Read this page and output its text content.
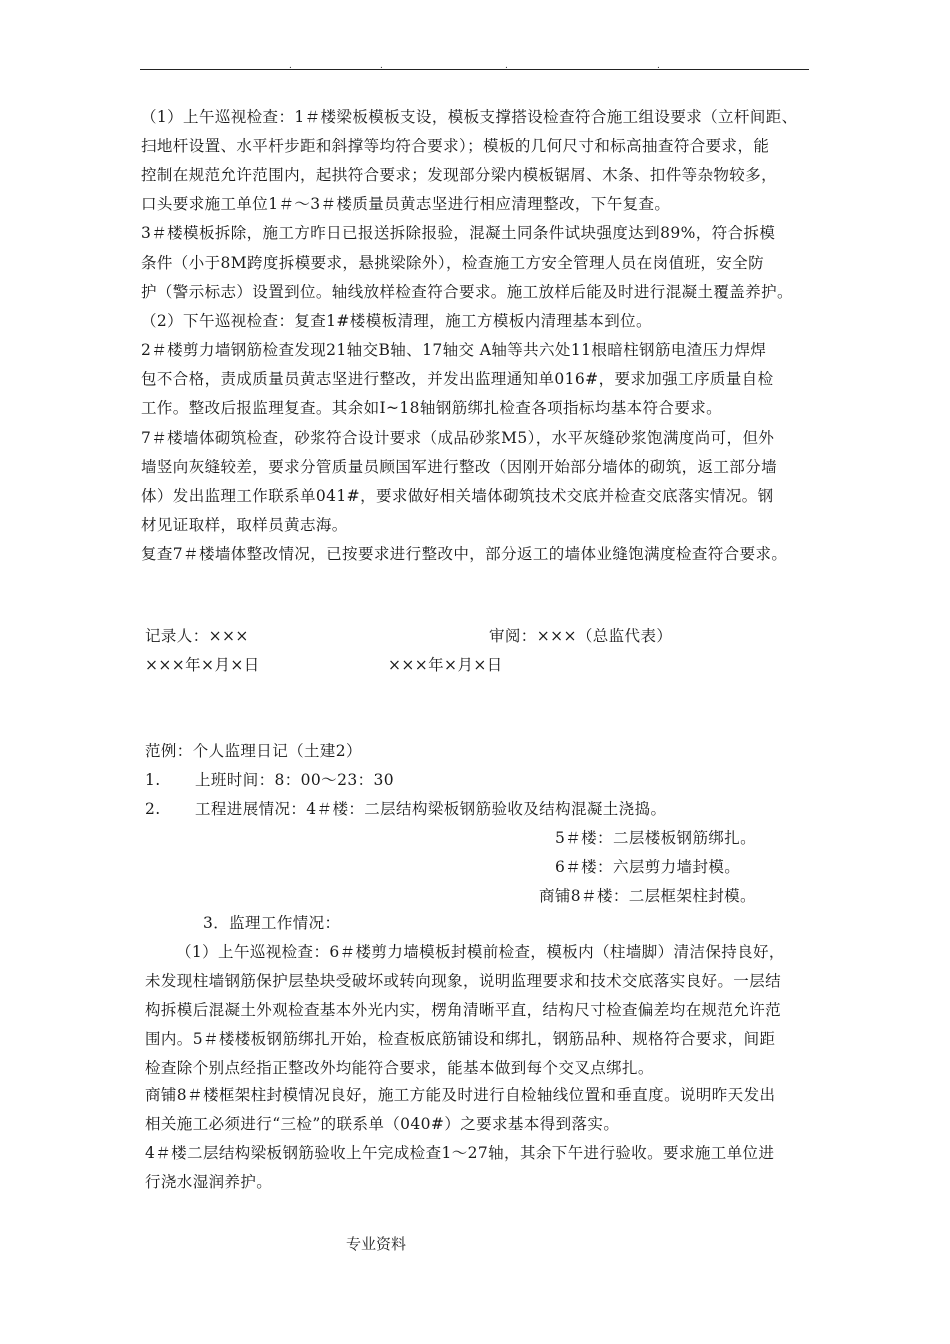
.	.	.	.
（1）上午巡视检查：1＃楼梁板模板支设，模板支撑搭设检查符合施工组设要求（立杆间距、
扫地杆设置、水平杆步距和斜撑等均符合要求）；模板的几何尺寸和标高抽查符合要求，能
控制在规范允许范围内，起拱符合要求；发现部分梁内模板锯屑、木条、扣件等杂物较多，
口头要求施工单位1＃～3＃楼质量员黄志坚进行相应清理整改，下午复查。
3＃楼模板拆除，施工方昨日已报送拆除报验，混凝土同条件试块强度达到89%，符合拆模
条件（小于8M跨度拆模要求，悬挑梁除外），检查施工方安全管理人员在岗值班，安全防
护（警示标志）设置到位。轴线放样检查符合要求。施工放样后能及时进行混凝土覆盖养护。
（2）下午巡视检查：复查1#楼模板清理，施工方模板内清理基本到位。
2＃楼剪力墙钢筋检查发现21轴交B轴、17轴交 A轴等共六处11根暗柱钢筋电渣压力焊焊
包不合格，责成质量员黄志坚进行整改，并发出监理通知单016#，要求加强工序质量自检
工作。整改后报监理复查。其余如Ⅰ~18轴钢筋绑扎检查各项指标均基本符合要求。
7＃楼墙体砌筑检查，砂浆符合设计要求（成品砂浆M5），水平灰缝砂浆饱满度尚可，但外
墙竖向灰缝较差，要求分管质量员顾国军进行整改（因刚开始部分墙体的砌筑，返工部分墙
体）发出监理工作联系单041#，要求做好相关墙体砌筑技术交底并检查交底落实情况。钢
材见证取样，取样员黄志海。
复查7＃楼墙体整改情况，已按要求进行整改中，部分返工的墙体业缝饱满度检查符合要求。
记录人：×××	审阅：×××（总监代表）
×××年×月×日	×××年×月×日
范例：个人监理日记（土建2）
1. 上班时间：8：00～23：30
2. 工程进展情况：4＃楼：二层结构梁板钢筋验收及结构混凝土浇捣。
5＃楼：二层楼板钢筋绑扎。
6＃楼：六层剪力墙封模。
商铺8＃楼：二层框架柱封模。
3．监理工作情况：
（1）上午巡视检查：6＃楼剪力墙模板封模前检查，模板内（柱墙脚）清洁保持良好，
未发现柱墙钢筋保护层垫块受破坏或转向现象，说明监理要求和技术交底落实良好。一层结
构拆模后混凝土外观检查基本外光内实，楞角清晰平直，结构尺寸检查偏差均在规范允许范
围内。5＃楼楼板钢筋绑扎开始，检查板底筋铺设和绑扎，钢筋品种、规格符合要求，间距
检查除个别点经指正整改外均能符合要求，能基本做到每个交叉点绑扎。
商铺8＃楼框架柱封模情况良好，施工方能及时进行自检轴线位置和垂直度。说明昨天发出
相关施工必须进行“三检”的联系单（040#）之要求基本得到落实。
4＃楼二层结构梁板钢筋验收上午完成检查1～27轴，其余下午进行验收。要求施工单位进
行浇水湿润养护。
专业资料
